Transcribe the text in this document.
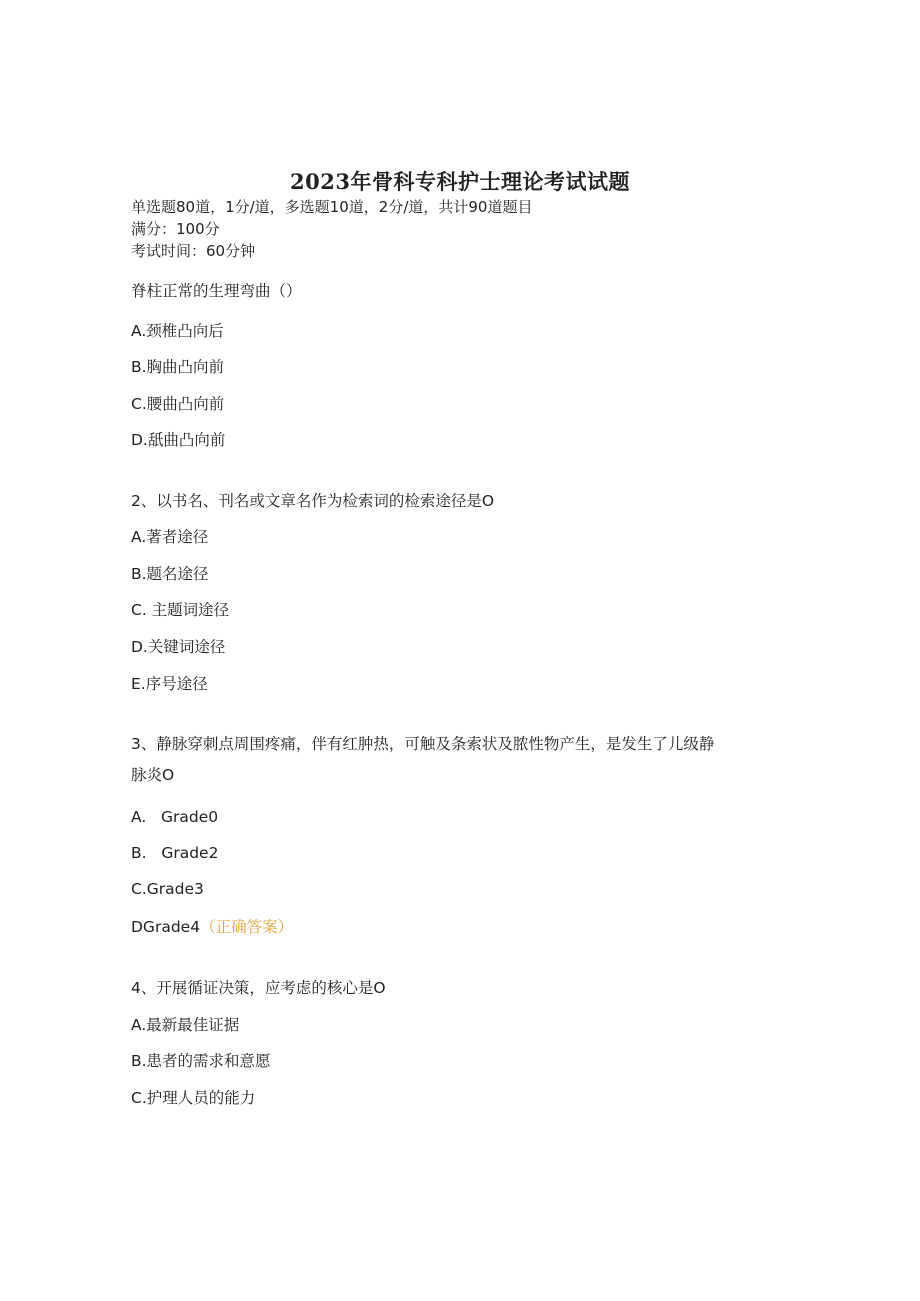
2023年骨科专科护士理论考试试题
单选题80道，1分/道，多选题10道，2分/道，共计90道题目
满分：100分
考试时间：60分钟
脊柱正常的生理弯曲（）
A.颈椎凸向后
B.胸曲凸向前
C.腰曲凸向前
D.舐曲凸向前
2、以书名、刊名或文章名作为检索词的检索途径是O
A.著者途径
B.题名途径
C. 主题词途径
D.关键词途径
E.序号途径
3、静脉穿刺点周围疼痛，伴有红肿热，可触及条索状及脓性物产生，是发生了儿级静
脉炎O
A.   Grade0
B.   Grade2
C.Grade3
DGrade4（正确答案）
4、开展循证决策，应考虑的核心是O
A.最新最佳证据
B.患者的需求和意愿
C.护理人员的能力
